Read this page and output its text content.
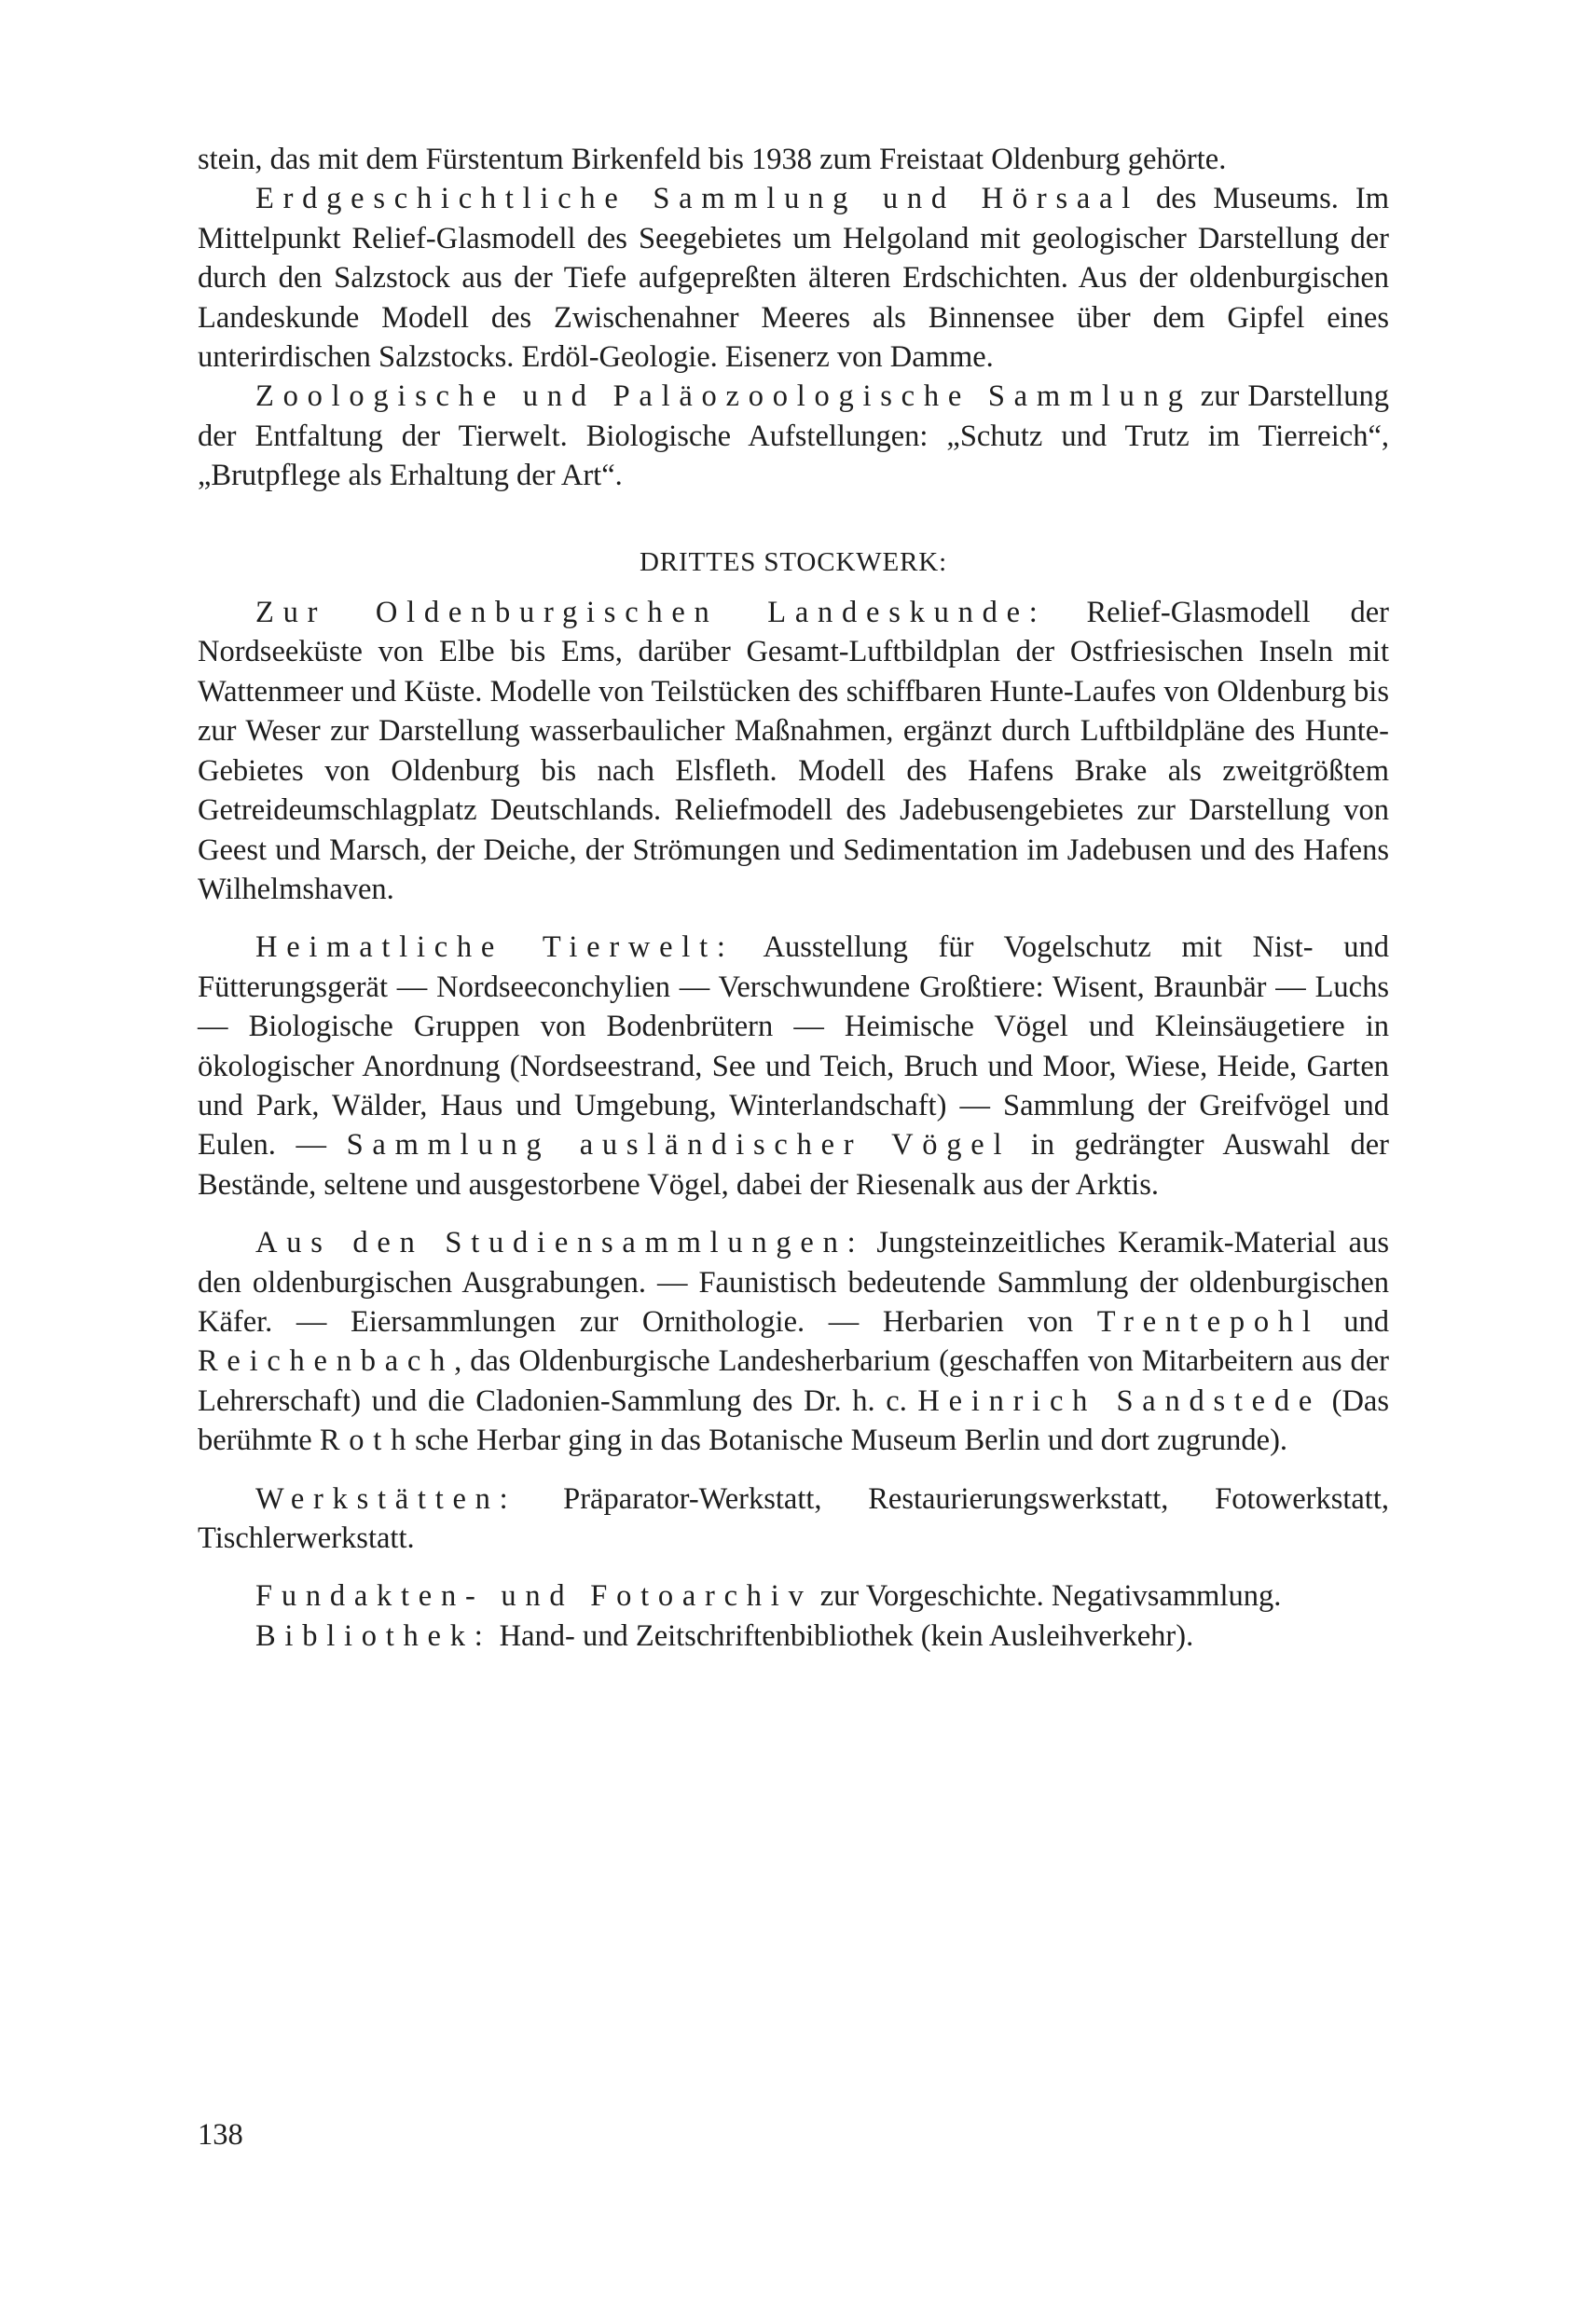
stein, das mit dem Fürstentum Birkenfeld bis 1938 zum Freistaat Oldenburg gehörte.

Erdgeschichtliche Sammlung und Hörsaal des Museums. Im Mittelpunkt Relief-Glasmodell des Seegebietes um Helgoland mit geologischer Darstellung der durch den Salzstock aus der Tiefe aufgepreßten älteren Erdschichten. Aus der oldenburgischen Landeskunde Modell des Zwischenahner Meeres als Binnensee über dem Gipfel eines unterirdischen Salzstocks. Erdöl-Geologie. Eisenerz von Damme.

Zoologische und Paläozoologische Sammlung zur Darstellung der Entfaltung der Tierwelt. Biologische Aufstellungen: „Schutz und Trutz im Tierreich“, „Brutpflege als Erhaltung der Art“.

DRITTES STOCKWERK:

Zur Oldenburgischen Landeskunde: Relief-Glasmodell der Nordseeküste von Elbe bis Ems, darüber Gesamt-Luftbildplan der Ostfriesischen Inseln mit Wattenmeer und Küste. Modelle von Teilstücken des schiffbaren Hunte-Laufes von Oldenburg bis zur Weser zur Darstellung wasserbaulicher Maßnahmen, ergänzt durch Luftbildpläne des Hunte-Gebietes von Oldenburg bis nach Elsfleth. Modell des Hafens Brake als zweitgrößtem Getreideumschlagplatz Deutschlands. Reliefmodell des Jadebusengebietes zur Darstellung von Geest und Marsch, der Deiche, der Strömungen und Sedimentation im Jadebusen und des Hafens Wilhelmshaven.

Heimatliche Tierwelt: Ausstellung für Vogelschutz mit Nist- und Fütterungsgerät — Nordseeconchylien — Verschwundene Großtiere: Wisent, Braunbär — Luchs — Biologische Gruppen von Bodenbrütern — Heimische Vögel und Kleinsäugetiere in ökologischer Anordnung (Nordseestrand, See und Teich, Bruch und Moor, Wiese, Heide, Garten und Park, Wälder, Haus und Umgebung, Winterlandschaft) — Sammlung der Greifvögel und Eulen. — Sammlung ausländischer Vögel in gedrängter Auswahl der Bestände, seltene und ausgestorbene Vögel, dabei der Riesenalk aus der Arktis.

Aus den Studiensammlungen: Jungsteinzeitliches Keramik-Material aus den oldenburgischen Ausgrabungen. — Faunistisch bedeutende Sammlung der oldenburgischen Käfer. — Eiersammlungen zur Ornithologie. — Herbarien von Trentepohl und Reichenbach, das Oldenburgische Landesherbarium (geschaffen von Mitarbeitern aus der Lehrerschaft) und die Cladonien-Sammlung des Dr. h. c. Heinrich Sandstede (Das berühmte Rothsche Herbar ging in das Botanische Museum Berlin und dort zugrunde).

Werkstätten: Präparator-Werkstatt, Restaurierungswerkstatt, Fotowerkstatt, Tischlerwerkstatt.

Fundakten- und Fotoarchiv zur Vorgeschichte. Negativsammlung.

Bibliothek: Hand- und Zeitschriftenbibliothek (kein Ausleihverkehr).

138
